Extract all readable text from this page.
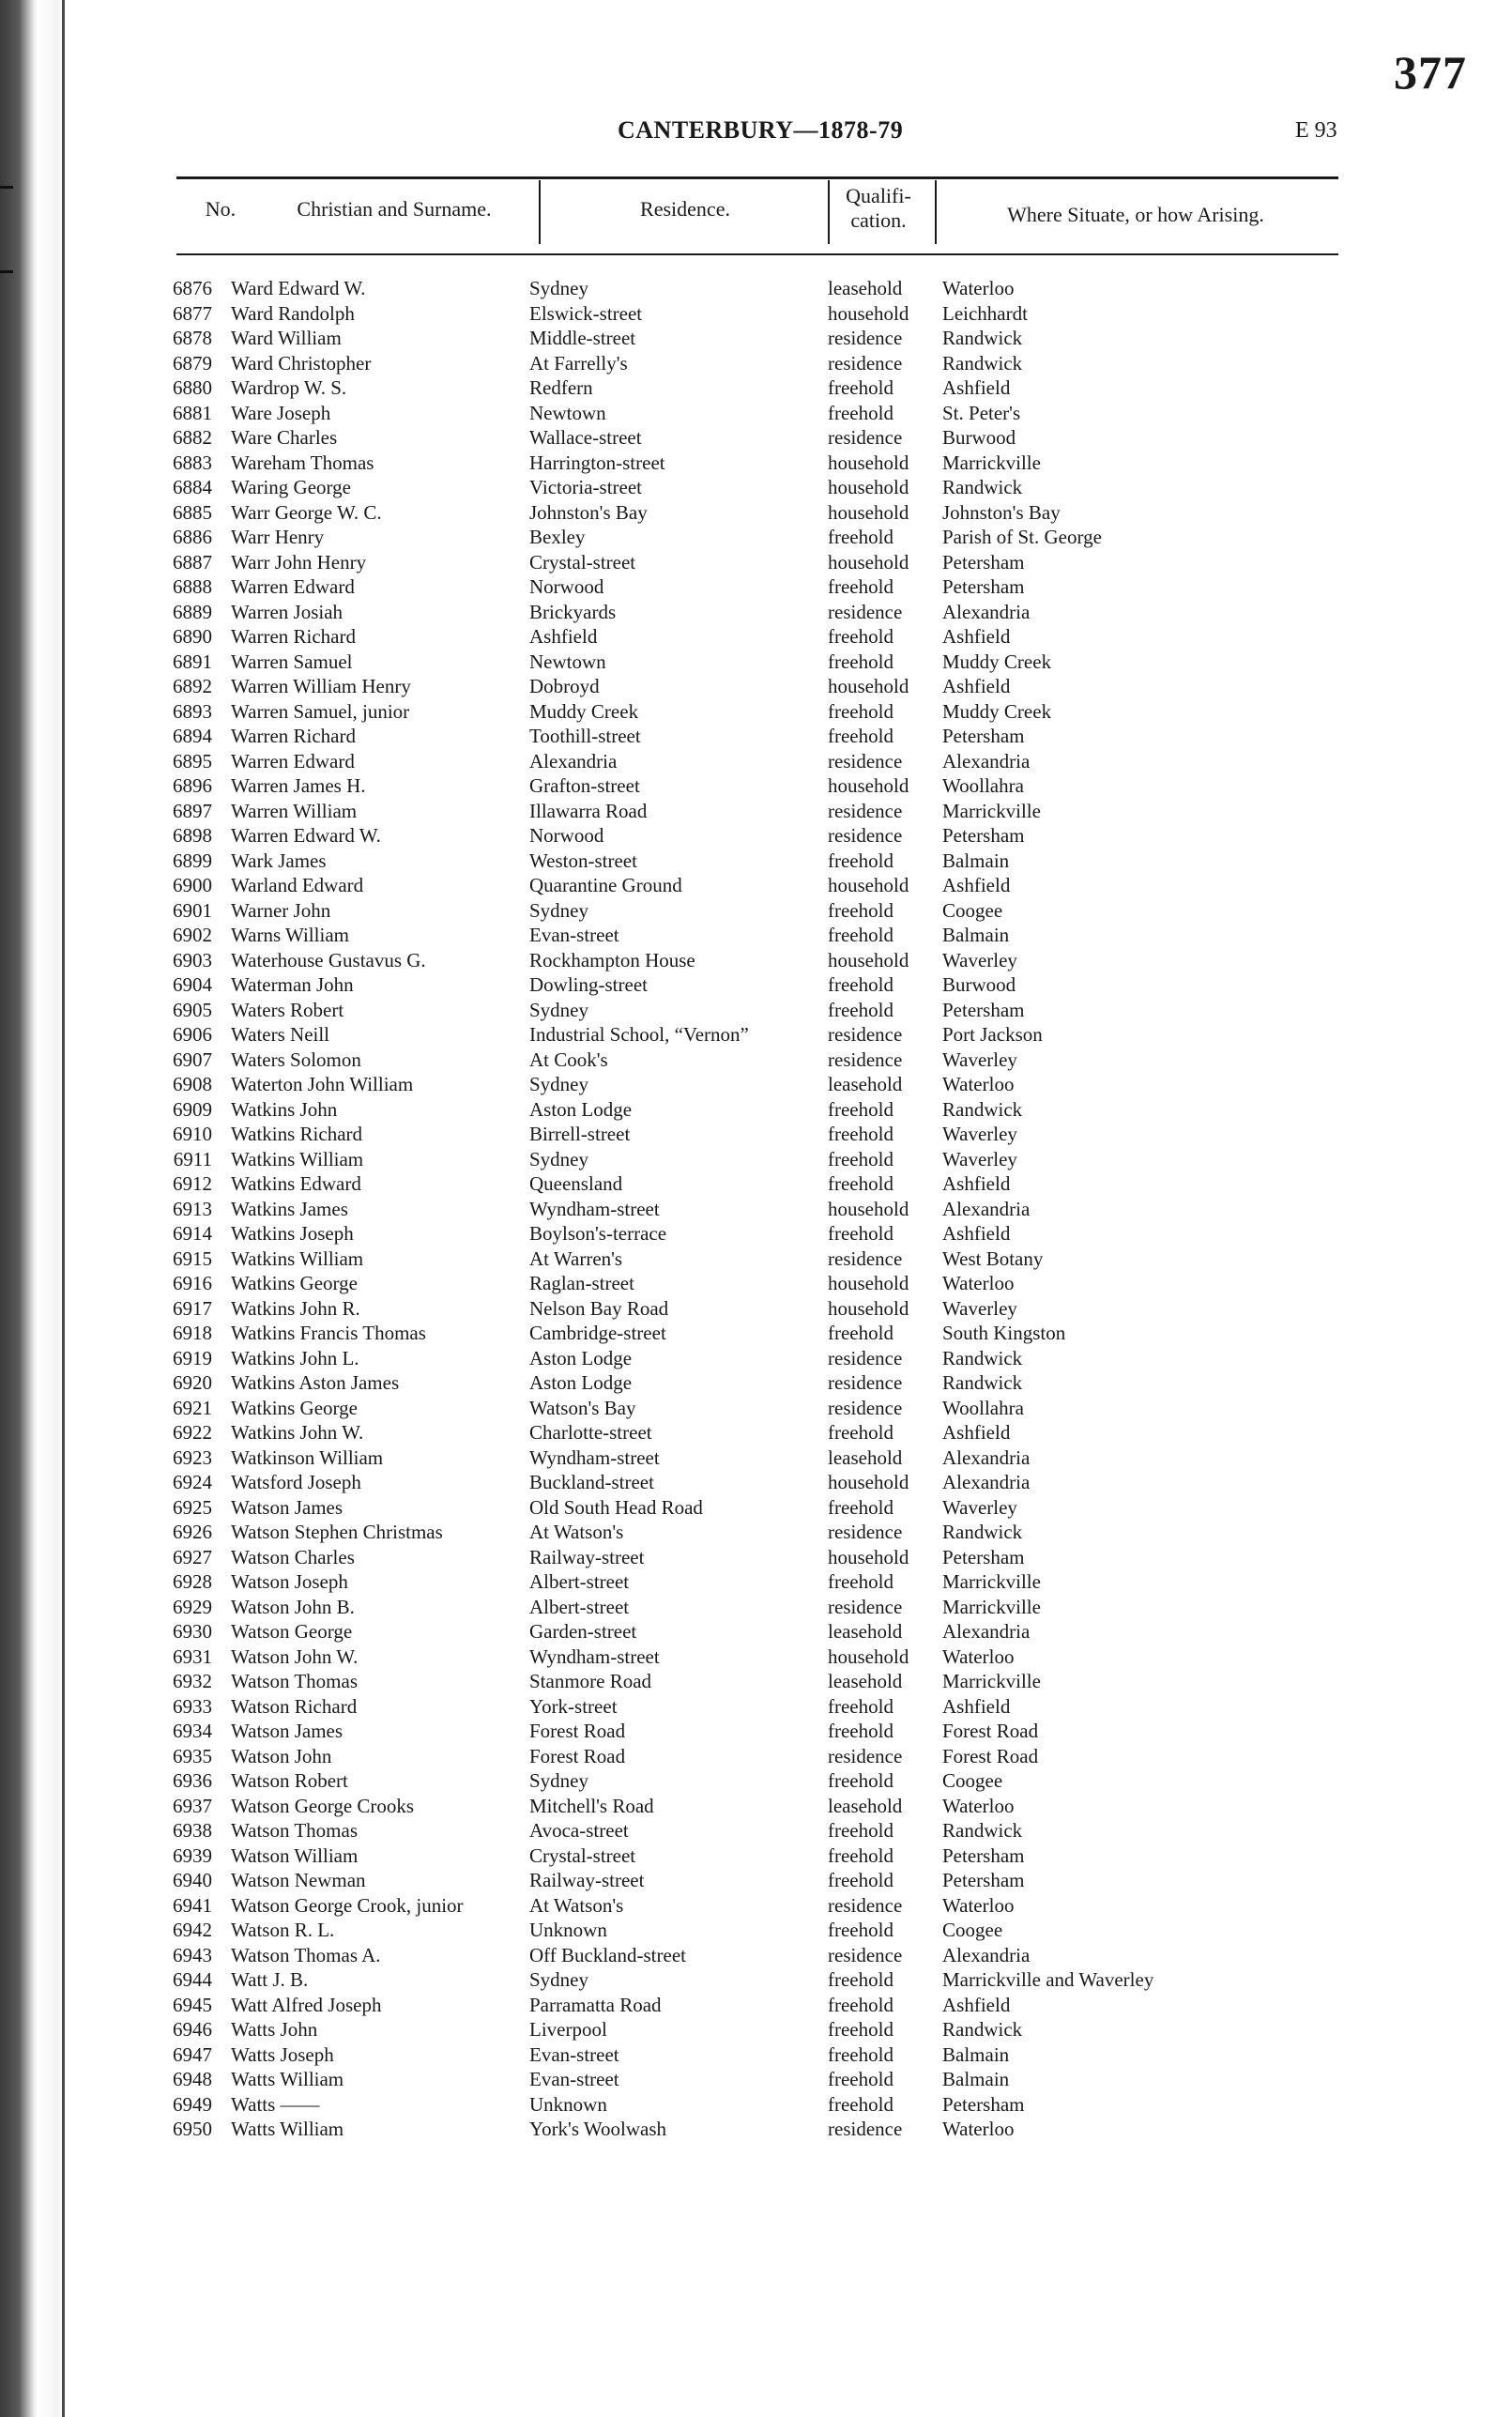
377
CANTERBURY—1878-79	E 93
No.	Christian and Surname.	Residence.
Qualifi-
cation.	Where Situate, or how Arising.
6876 Ward Edward W.	Sydney	leasehold Waterloo
6877 Ward Randolph	Elswick-street	household Leichhardt
6878 Ward William	Middle-street	residence Randwick
6879 Ward Christopher	At Farrelly's	residence Randwick
6880 Wardrop W. S.	Redfern	freehold Ashfield
6881 Ware Joseph	Newtown	freehold St. Peter's
6882 Ware Charles	Wallace-street	residence Burwood
6883 Wareham Thomas	Harrington-street	household Marrickville
6884 Waring George	Victoria-street	household Randwick
6885 Warr George W. C.	Johnston's Bay	household Johnston's Bay
6886 Warr Henry	Bexley	freehold Parish of St. George
6887 Warr John Henry	Crystal-street	household Petersham
6888 Warren Edward	Norwood	freehold Petersham
6889 Warren Josiah	Brickyards	residence Alexandria
6890 Warren Richard	Ashfield	freehold Ashfield
6891 Warren Samuel	Newtown	freehold Muddy Creek
6892 Warren William Henry	Dobroyd	household Ashfield
6893 Warren Samuel, junior	Muddy Creek	freehold Muddy Creek
6894 Warren Richard	Toothill-street	freehold Petersham
6895 Warren Edward	Alexandria	residence Alexandria
6896 Warren James H.	Grafton-street	household Woollahra
6897 Warren William	Illawarra Road	residence Marrickville
6898 Warren Edward W.	Norwood	residence Petersham
6899 Wark James	Weston-street	freehold Balmain
6900 Warland Edward	Quarantine Ground	household Ashfield
6901 Warner John	Sydney	freehold Coogee
6902 Warns William	Evan-street	freehold Balmain
6903 Waterhouse Gustavus G.	Rockhampton House	household Waverley
6904 Waterman John	Dowling-street	freehold Burwood
6905 Waters Robert	Sydney	freehold Petersham
6906 Waters Neill	Industrial School, “Vernon”	residence Port Jackson
6907 Waters Solomon	At Cook's	residence Waverley
6908 Waterton John William	Sydney	leasehold Waterloo
6909 Watkins John	Aston Lodge	freehold Randwick
6910 Watkins Richard	Birrell-street	freehold Waverley
6911 Watkins William	Sydney	freehold Waverley
6912 Watkins Edward	Queensland	freehold Ashfield
6913 Watkins James	Wyndham-street	household Alexandria
6914 Watkins Joseph	Boylson's-terrace	freehold Ashfield
6915 Watkins William	At Warren's	residence West Botany
6916 Watkins George	Raglan-street	household Waterloo
6917 Watkins John R.	Nelson Bay Road	household Waverley
6918 Watkins Francis Thomas	Cambridge-street	freehold South Kingston
6919 Watkins John L.	Aston Lodge	residence Randwick
6920 Watkins Aston James	Aston Lodge	residence Randwick
6921 Watkins George	Watson's Bay	residence Woollahra
6922 Watkins John W.	Charlotte-street	freehold Ashfield
6923 Watkinson William	Wyndham-street	leasehold Alexandria
6924 Watsford Joseph	Buckland-street	household Alexandria
6925 Watson James	Old South Head Road	freehold Waverley
6926 Watson Stephen Christmas	At Watson's	residence Randwick
6927 Watson Charles	Railway-street	household Petersham
6928 Watson Joseph	Albert-street	freehold Marrickville
6929 Watson John B.	Albert-street	residence Marrickville
6930 Watson George	Garden-street	leasehold Alexandria
6931 Watson John W.	Wyndham-street	household Waterloo
6932 Watson Thomas	Stanmore Road	leasehold Marrickville
6933 Watson Richard	York-street	freehold Ashfield
6934 Watson James	Forest Road	freehold Forest Road
6935 Watson John	Forest Road	residence Forest Road
6936 Watson Robert	Sydney	freehold Coogee
6937 Watson George Crooks	Mitchell's Road	leasehold Waterloo
6938 Watson Thomas	Avoca-street	freehold Randwick
6939 Watson William	Crystal-street	freehold Petersham
6940 Watson Newman	Railway-street	freehold Petersham
6941 Watson George Crook, junior	At Watson's	residence Waterloo
6942 Watson R. L.	Unknown	freehold Coogee
6943 Watson Thomas A.	Off Buckland-street	residence Alexandria
6944 Watt J. B.	Sydney	freehold Marrickville and Waverley
6945 Watt Alfred Joseph	Parramatta Road	freehold Ashfield
6946 Watts John	Liverpool	freehold Randwick
6947 Watts Joseph	Evan-street	freehold Balmain
6948 Watts William	Evan-street	freehold Balmain
6949 Watts ——	Unknown	freehold Petersham
6950 Watts William	York's Woolwash	residence Waterloo
